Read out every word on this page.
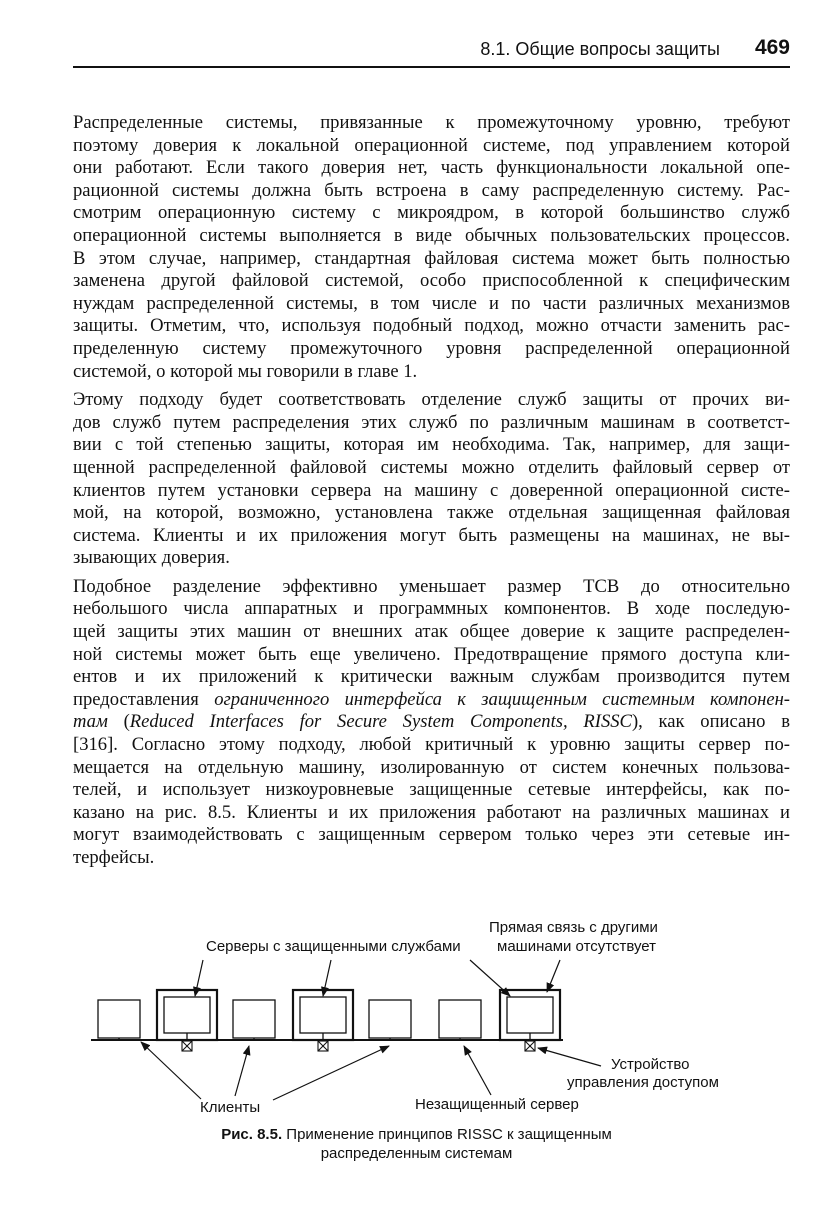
8.1. Общие вопросы защиты 469

Распределенные системы, привязанные к промежуточному уровню, требуют
поэтому доверия к локальной операционной системе, под управлением которой
они работают. Если такого доверия нет, часть функциональности локальной опе-
рационной системы должна быть встроена в саму распределенную систему. Рас-
смотрим операционную систему с микроядром, в которой большинство служб
операционной системы выполняется в виде обычных пользовательских процессов.
В этом случае, например, стандартная файловая система может быть полностью
заменена другой файловой системой, особо приспособленной к специфическим
нуждам распределенной системы, в том числе и по части различных механизмов
защиты. Отметим, что, используя подобный подход, можно отчасти заменить рас-
пределенную систему промежуточного уровня распределенной операционной
системой, о которой мы говорили в главе 1.

Этому подходу будет соответствовать отделение служб защиты от прочих ви-
дов служб путем распределения этих служб по различным машинам в соответст-
вии с той степенью защиты, которая им необходима. Так, например, для защи-
щенной распределенной файловой системы можно отделить файловый сервер от
клиентов путем установки сервера на машину с доверенной операционной систе-
мой, на которой, возможно, установлена также отдельная защищенная файловая
система. Клиенты и их приложения могут быть размещены на машинах, не вы-
зывающих доверия.

Подобное разделение эффективно уменьшает размер TCB до относительно
небольшого числа аппаратных и программных компонентов. В ходе последую-
щей защиты этих машин от внешних атак общее доверие к защите распределен-
ной системы может быть еще увеличено. Предотвращение прямого доступа кли-
ентов и их приложений к критически важным службам производится путем
предоставления ограниченного интерфейса к защищенным системным компонен-
там (Reduced Interfaces for Secure System Components, RISSC), как описано в
[316]. Согласно этому подходу, любой критичный к уровню защиты сервер по-
мещается на отдельную машину, изолированную от систем конечных пользова-
телей, и использует низкоуровневые защищенные сетевые интерфейсы, как по-
казано на рис. 8.5. Клиенты и их приложения работают на различных машинах и
могут взаимодействовать с защищенным сервером только через эти сетевые ин-
терфейсы.

Серверы с защищенными службами
Прямая связь с другими
машинами отсутствует
Устройство
управления доступом
Клиенты	Незащищенный сервер
Рис. 8.5. Применение принципов RISSC к защищенным
распределенным системам
